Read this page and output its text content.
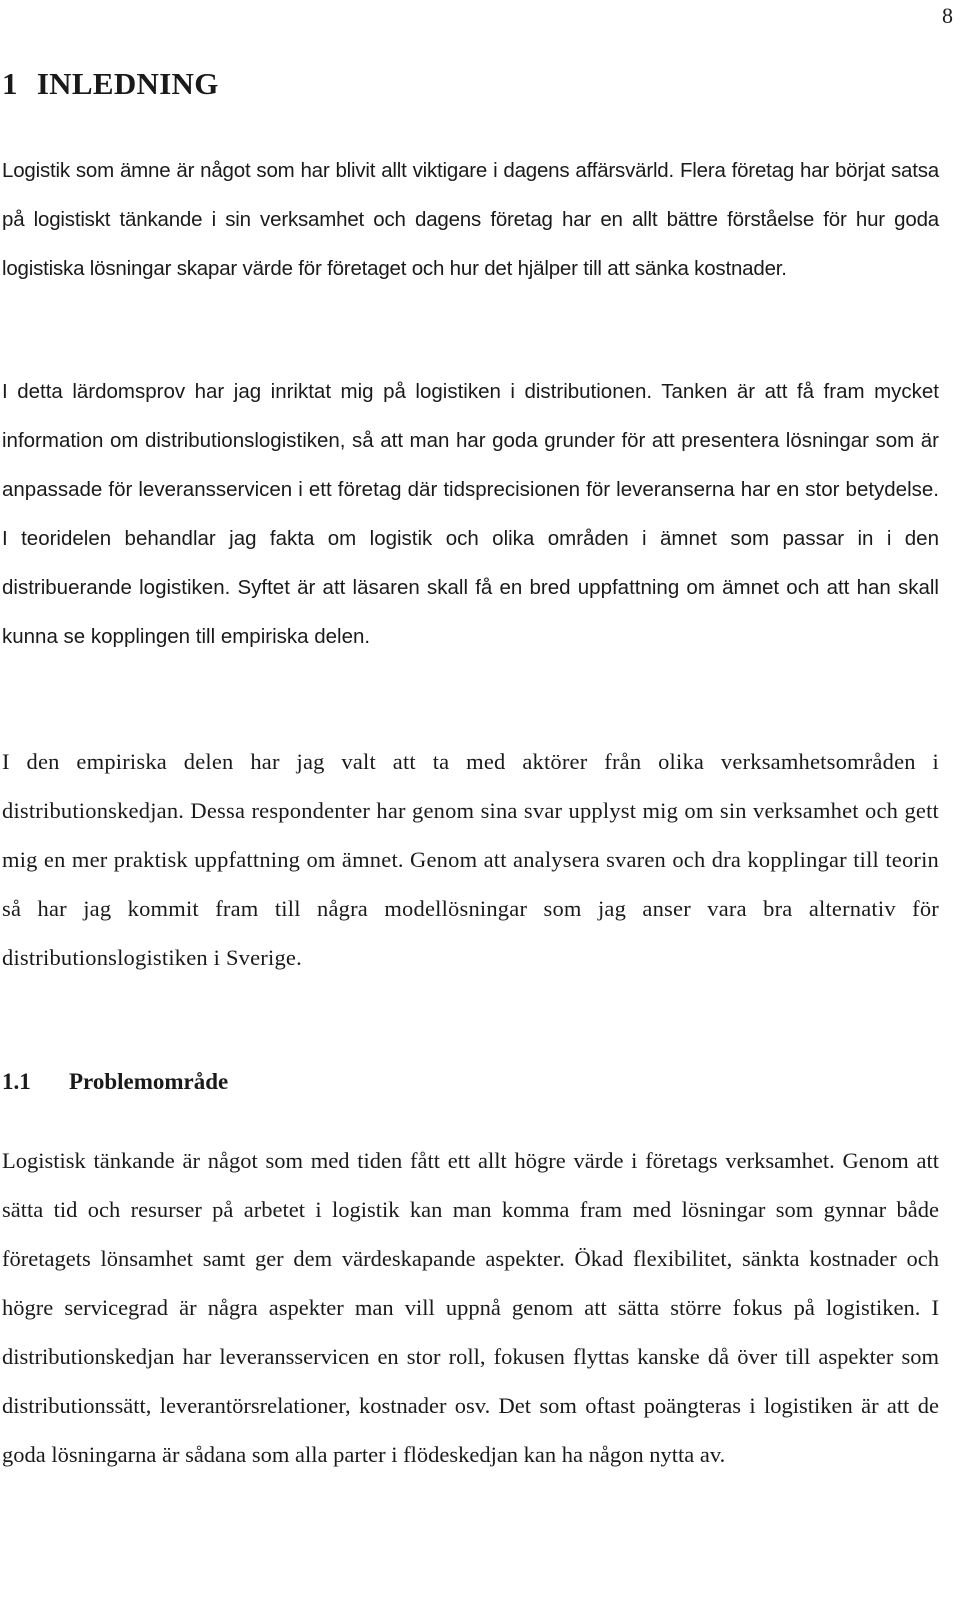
8
1 INLEDNING

Logistik som ämne är något som har blivit allt viktigare i dagens affärsvärld. Flera företag har börjat satsa på logistiskt tänkande i sin verksamhet och dagens företag har en allt bättre förståelse för hur goda logistiska lösningar skapar värde för företaget och hur det hjälper till att sänka kostnader.

I detta lärdomsprov har jag inriktat mig på logistiken i distributionen. Tanken är att få fram mycket information om distributionslogistiken, så att man har goda grunder för att presentera lösningar som är anpassade för leveransservicen i ett företag där tidsprecisionen för leveranserna har en stor betydelse. I teoridelen behandlar jag fakta om logistik och olika områden i ämnet som passar in i den distribuerande logistiken. Syftet är att läsaren skall få en bred uppfattning om ämnet och att han skall kunna se kopplingen till empiriska delen.

I den empiriska delen har jag valt att ta med aktörer från olika verksamhetsområden i distributionskedjan. Dessa respondenter har genom sina svar upplyst mig om sin verksamhet och gett mig en mer praktisk uppfattning om ämnet. Genom att analysera svaren och dra kopplingar till teorin så har jag kommit fram till några modellösningar som jag anser vara bra alternativ för distributionslogistiken i Sverige.

1.1 Problemområde

Logistisk tänkande är något som med tiden fått ett allt högre värde i företags verksamhet. Genom att sätta tid och resurser på arbetet i logistik kan man komma fram med lösningar som gynnar både företagets lönsamhet samt ger dem värdeskapande aspekter. Ökad flexibilitet, sänkta kostnader och högre servicegrad är några aspekter man vill uppnå genom att sätta större fokus på logistiken. I distributionskedjan har leveransservicen en stor roll, fokusen flyttas kanske då över till aspekter som distributionssätt, leverantörsrelationer, kostnader osv. Det som oftast poängteras i logistiken är att de goda lösningarna är sådana som alla parter i flödeskedjan kan ha någon nytta av.
